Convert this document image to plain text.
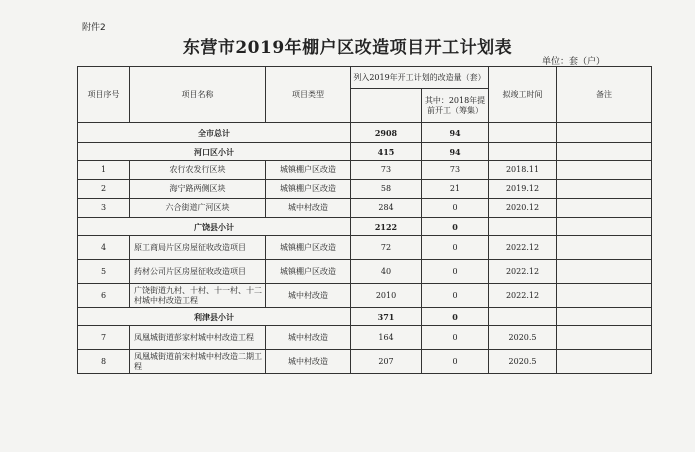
附件2
东营市2019年棚户区改造项目开工计划表
单位：套（户）
项目序号	项目名称	项目类型	列入2019年开工计划的改造量（套）		拟竣工时间	备注
				其中：2018年提前开工（筹集）		
全市总计			2908	94		
河口区小计			415	94		
1	农行农发行区块	城镇棚户区改造	73	73	2018.11	
2	海宁路两侧区块	城镇棚户区改造	58	21	2019.12	
3	六合街道广河区块	城中村改造	284	0	2020.12	
广饶县小计			2122	0		
4	原工商局片区房屋征收改造项目	城镇棚户区改造	72	0	2022.12	
5	药材公司片区房屋征收改造项目	城镇棚户区改造	40	0	2022.12	
6	广饶街道九村、十村、十一村、十二村城中村改造工程	城中村改造	2010	0	2022.12	
利津县小计			371	0		
7	凤凰城街道彭家村城中村改造工程	城中村改造	164	0	2020.5	
8	凤凰城街道前宋村城中村改造二期工程	城中村改造	207	0	2020.5	
